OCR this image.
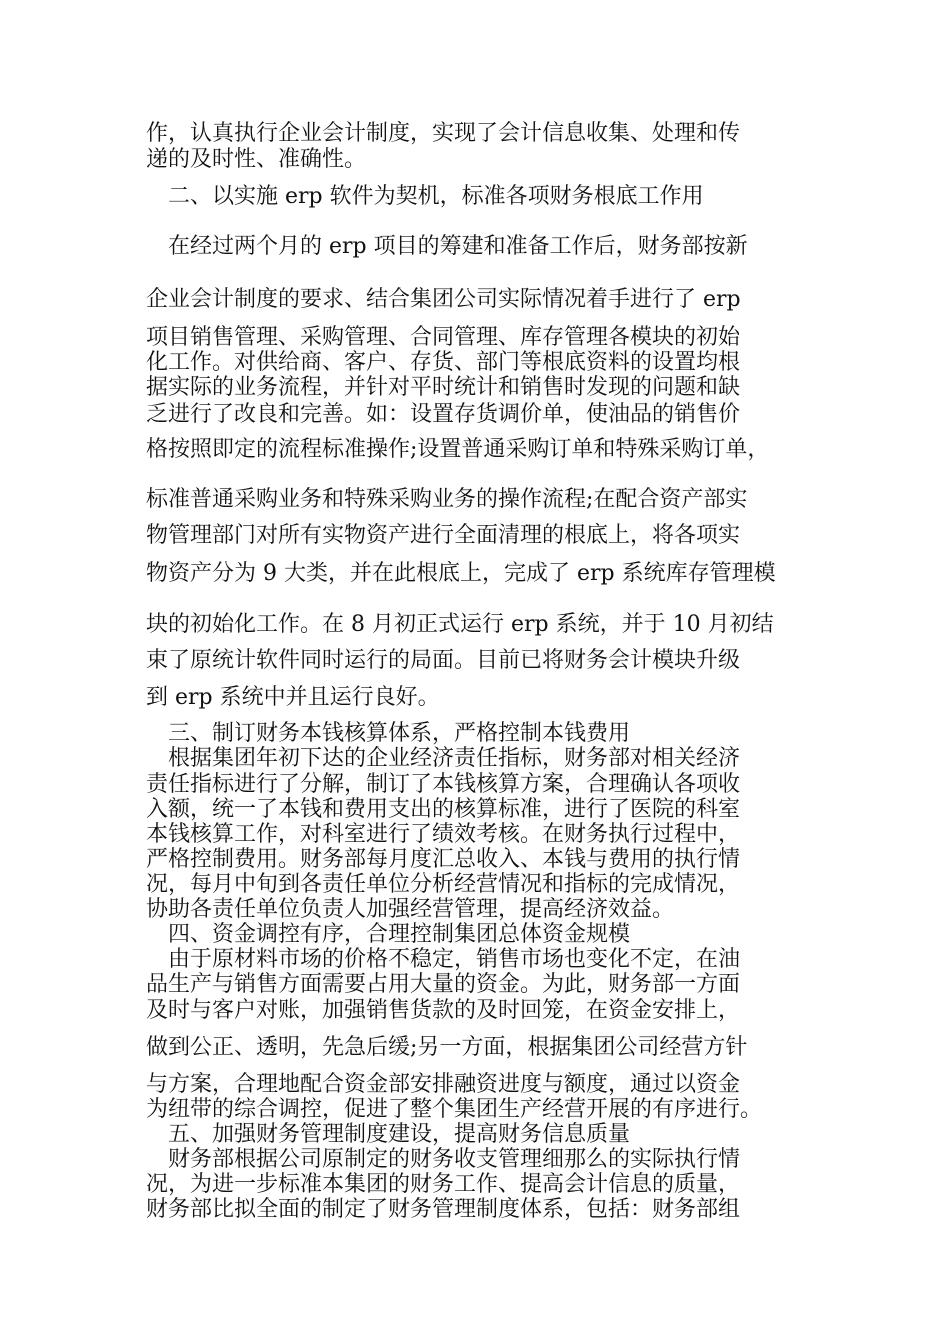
作，认真执行企业会计制度，实现了会计信息收集、处理和传
递的及时性、准确性。
　二、以实施 erp 软件为契机，标准各项财务根底工作用
　在经过两个月的 erp 项目的筹建和准备工作后，财务部按新
企业会计制度的要求、结合集团公司实际情况着手进行了 erp
项目销售管理、采购管理、合同管理、库存管理各模块的初始
化工作。对供给商、客户、存货、部门等根底资料的设置均根
据实际的业务流程，并针对平时统计和销售时发现的问题和缺
乏进行了改良和完善。如：设置存货调价单，使油品的销售价
格按照即定的流程标准操作;设置普通采购订单和特殊采购订单，
标准普通采购业务和特殊采购业务的操作流程;在配合资产部实
物管理部门对所有实物资产进行全面清理的根底上，将各项实
物资产分为 9 大类，并在此根底上，完成了 erp 系统库存管理模
块的初始化工作。在 8 月初正式运行 erp 系统，并于 10 月初结
束了原统计软件同时运行的局面。目前已将财务会计模块升级
到 erp 系统中并且运行良好。
　三、制订财务本钱核算体系，严格控制本钱费用
　根据集团年初下达的企业经济责任指标，财务部对相关经济
责任指标进行了分解，制订了本钱核算方案，合理确认各项收
入额，统一了本钱和费用支出的核算标准，进行了医院的科室
本钱核算工作，对科室进行了绩效考核。在财务执行过程中，
严格控制费用。财务部每月度汇总收入、本钱与费用的执行情
况，每月中旬到各责任单位分析经营情况和指标的完成情况，
协助各责任单位负责人加强经营管理，提高经济效益。
　四、资金调控有序，合理控制集团总体资金规模
　由于原材料市场的价格不稳定，销售市场也变化不定，在油
品生产与销售方面需要占用大量的资金。为此，财务部一方面
及时与客户对账，加强销售货款的及时回笼，在资金安排上，
做到公正、透明，先急后缓;另一方面，根据集团公司经营方针
与方案，合理地配合资金部安排融资进度与额度，通过以资金
为纽带的综合调控，促进了整个集团生产经营开展的有序进行。
　五、加强财务管理制度建设，提高财务信息质量
　财务部根据公司原制定的财务收支管理细那么的实际执行情
况，为进一步标准本集团的财务工作、提高会计信息的质量，
财务部比拟全面的制定了财务管理制度体系，包括：财务部组
